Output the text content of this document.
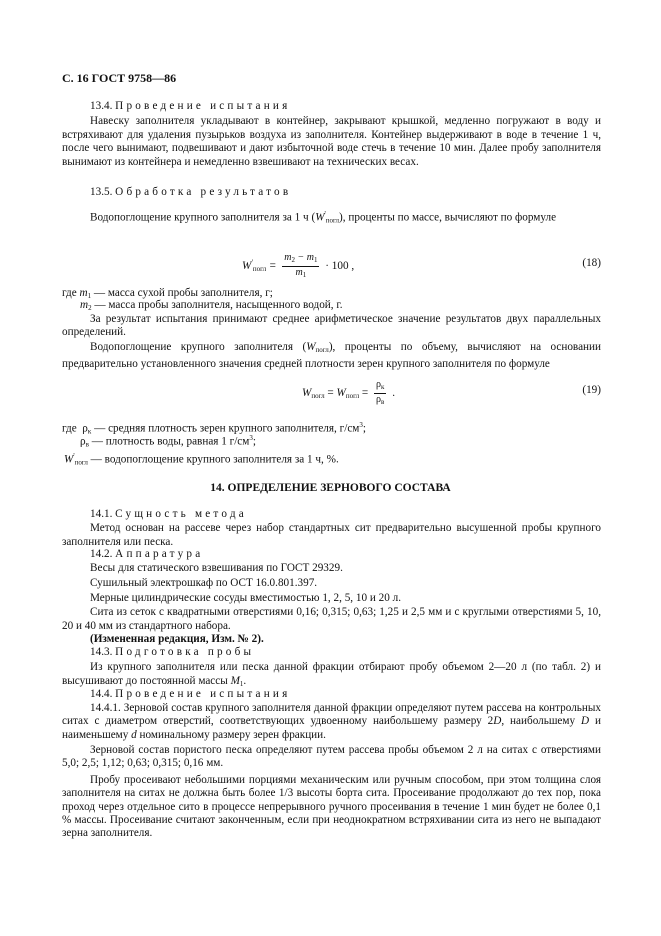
С. 16 ГОСТ 9758—86
13.4. Проведение испытания
Навеску заполнителя укладывают в контейнер, закрывают крышкой, медленно погружают в воду и встряхивают для удаления пузырьков воздуха из заполнителя. Контейнер выдерживают в воде в течение 1 ч, после чего вынимают, подвешивают и дают избыточной воде стечь в течение 10 мин. Далее пробу заполнителя вынимают из контейнера и немедленно взвешивают на технических весах.
13.5. Обработка результатов
Водопоглощение крупного заполнителя за 1 ч $(W'_{погл})$, проценты по массе, вычисляют по формуле
$W'_{погл} = \frac{m_2 - m_1}{m_1} \cdot 100$ ,	(18)
где $m_1$ — масса сухой пробы заполнителя, г;
$m_2$ — масса пробы заполнителя, насыщенного водой, г.
За результат испытания принимают среднее арифметическое значение результатов двух параллельных определений.
Водопоглощение крупного заполнителя $(W_{погл})$, проценты по объему, вычисляют на основании предварительно установленного значения средней плотности зерен крупного заполнителя по формуле
$W_{погл} = W_{погл} = \frac{\rho_к}{\rho_в}$ .	(19)
где $\rho_к$ — средняя плотность зерен крупного заполнителя, $г/см^3$;
$\rho_в$ — плотность воды, равная 1 $г/см^3$;
$W'_{погл}$ — водопоглощение крупного заполнителя за 1 ч, %.
14. ОПРЕДЕЛЕНИЕ ЗЕРНОВОГО СОСТАВА
14.1. Сущность метода
Метод основан на рассеве через набор стандартных сит предварительно высушенной пробы крупного заполнителя или песка.
14.2. Аппаратура
Весы для статического взвешивания по ГОСТ 29329.
Сушильный электрошкаф по ОСТ 16.0.801.397.
Мерные цилиндрические сосуды вместимостью 1, 2, 5, 10 и 20 л.
Сита из сеток с квадратными отверстиями 0,16; 0,315; 0,63; 1,25 и 2,5 мм и с круглыми отверстиями 5, 10, 20 и 40 мм из стандартного набора.
(Измененная редакция, Изм. № 2).
14.3. Подготовка пробы
Из крупного заполнителя или песка данной фракции отбирают пробу объемом 2—20 л (по табл. 2) и высушивают до постоянной массы $M_1$.
14.4. Проведение испытания
14.4.1. Зерновой состав крупного заполнителя данной фракции определяют путем рассева на контрольных ситах с диаметром отверстий, соответствующих удвоенному наибольшему размеру 2D, наибольшему D и наименьшему d номинальному размеру зерен фракции.
Зерновой состав пористого песка определяют путем рассева пробы объемом 2 л на ситах с отверстиями 5,0; 2,5; 1,12; 0,63; 0,315; 0,16 мм.
Пробу просеивают небольшими порциями механическим или ручным способом, при этом толщина слоя заполнителя на ситах не должна быть более 1/3 высоты борта сита. Просеивание продолжают до тех пор, пока проход через отдельное сито в процессе непрерывного ручного просеивания в течение 1 мин будет не более 0,1 % массы. Просеивание считают законченным, если при неоднократном встряхивании сита из него не выпадают зерна заполнителя.
